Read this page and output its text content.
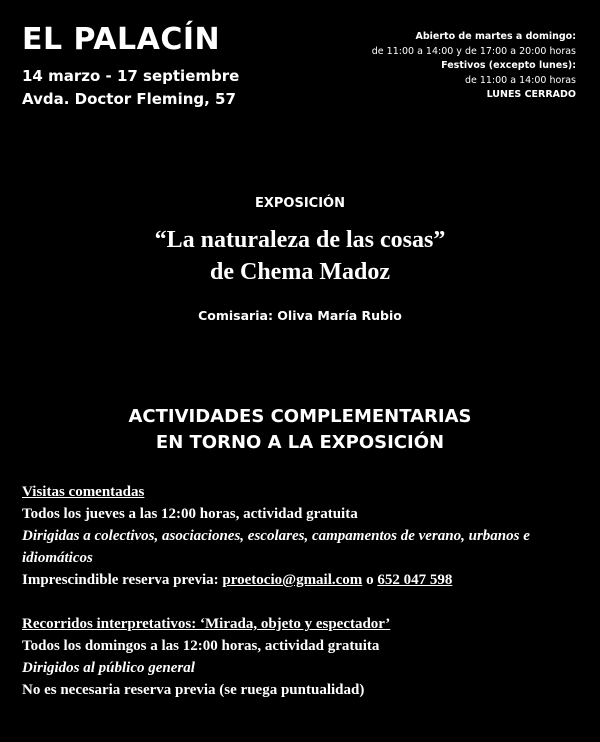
EL PALACÍN
14 marzo - 17 septiembre
Avda. Doctor Fleming, 57
Abierto de martes a domingo:
de 11:00 a 14:00 y de 17:00 a 20:00 horas
Festivos (excepto lunes):
de 11:00 a 14:00 horas
LUNES CERRADO
EXPOSICIÓN
“La naturaleza de las cosas”
de Chema Madoz
Comisaria: Oliva María Rubio
ACTIVIDADES COMPLEMENTARIAS
EN TORNO A LA EXPOSICIÓN

Visitas comentadas

Todos los jueves a las 12:00 horas, actividad gratuita

Dirigidas a colectivos, asociaciones, escolares, campamentos de verano, urbanos e idiomáticos

Imprescindible reserva previa: proetocio@gmail.com o 652 047 598

Recorridos interpretativos: ‘Mirada, objeto y espectador’

Todos los domingos a las 12:00 horas, actividad gratuita

Dirigidos al público general

No es necesaria reserva previa (se ruega puntualidad)
